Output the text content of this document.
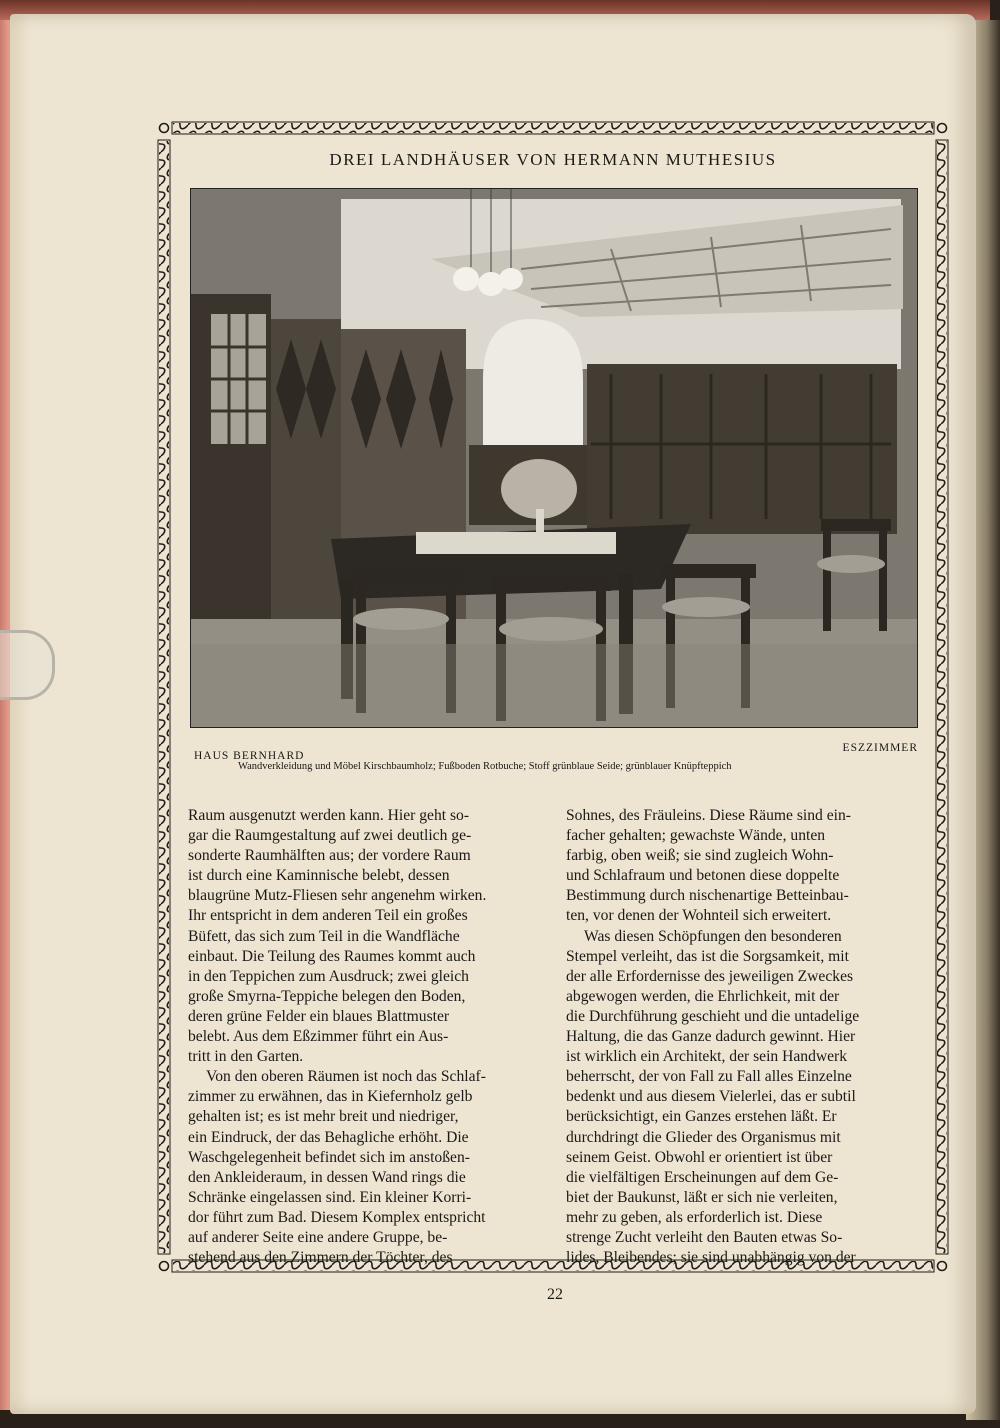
DREI LANDHÄUSER VON HERMANN MUTHESIUS
HAUS BERNHARD
ESZZIMMER
Wandverkleidung und Möbel Kirschbaumholz; Fußboden Rotbuche; Stoff grünblaue Seide; grünblauer Knüpfteppich
Raum ausgenutzt werden kann. Hier geht so-
gar die Raumgestaltung auf zwei deutlich ge-
sonderte Raumhälften aus; der vordere Raum
ist durch eine Kaminnische belebt, dessen
blaugrüne Mutz-Fliesen sehr angenehm wirken.
Ihr entspricht in dem anderen Teil ein großes
Büfett, das sich zum Teil in die Wandfläche
einbaut. Die Teilung des Raumes kommt auch
in den Teppichen zum Ausdruck; zwei gleich
große Smyrna-Teppiche belegen den Boden,
deren grüne Felder ein blaues Blattmuster
belebt. Aus dem Eßzimmer führt ein Aus-
tritt in den Garten.
Von den oberen Räumen ist noch das Schlaf-
zimmer zu erwähnen, das in Kiefernholz gelb
gehalten ist; es ist mehr breit und niedriger,
ein Eindruck, der das Behagliche erhöht. Die
Waschgelegenheit befindet sich im anstoßen-
den Ankleideraum, in dessen Wand rings die
Schränke eingelassen sind. Ein kleiner Korri-
dor führt zum Bad. Diesem Komplex entspricht
auf anderer Seite eine andere Gruppe, be-
stehend aus den Zimmern der Töchter, des
Sohnes, des Fräuleins. Diese Räume sind ein-
facher gehalten; gewachste Wände, unten
farbig, oben weiß; sie sind zugleich Wohn-
und Schlafraum und betonen diese doppelte
Bestimmung durch nischenartige Betteinbau-
ten, vor denen der Wohnteil sich erweitert.
Was diesen Schöpfungen den besonderen
Stempel verleiht, das ist die Sorgsamkeit, mit
der alle Erfordernisse des jeweiligen Zweckes
abgewogen werden, die Ehrlichkeit, mit der
die Durchführung geschieht und die untadelige
Haltung, die das Ganze dadurch gewinnt. Hier
ist wirklich ein Architekt, der sein Handwerk
beherrscht, der von Fall zu Fall alles Einzelne
bedenkt und aus diesem Vielerlei, das er subtil
berücksichtigt, ein Ganzes erstehen läßt. Er
durchdringt die Glieder des Organismus mit
seinem Geist. Obwohl er orientiert ist über
die vielfältigen Erscheinungen auf dem Ge-
biet der Baukunst, läßt er sich nie verleiten,
mehr zu geben, als erforderlich ist. Diese
strenge Zucht verleiht den Bauten etwas So-
lides, Bleibendes; sie sind unabhängig von der
22
